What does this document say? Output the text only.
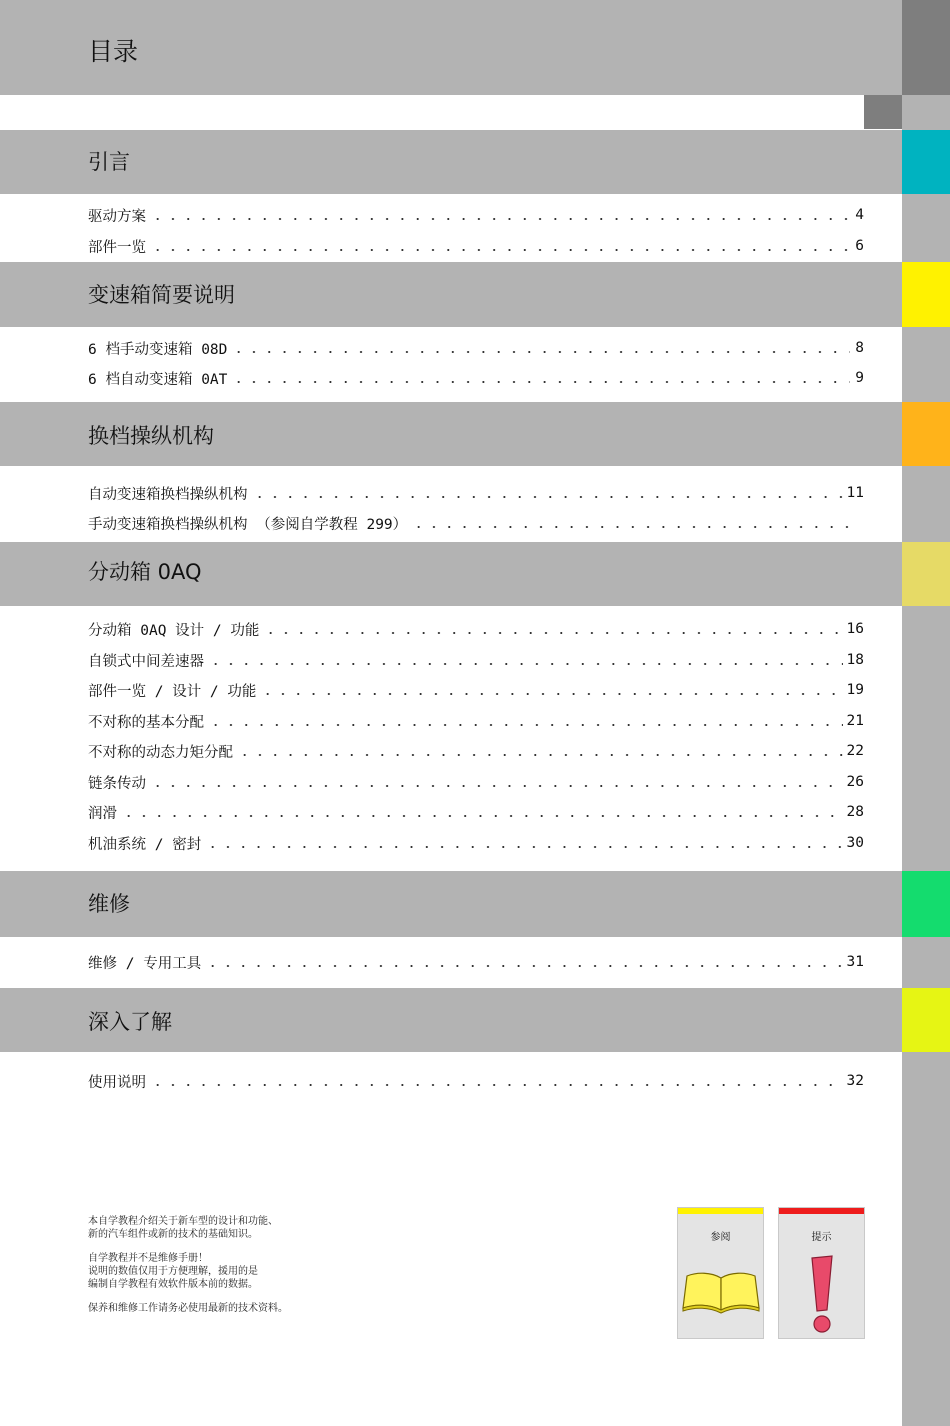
目录
引言
驱动方案	4
部件一览	6
变速箱简要说明
6 档手动变速箱 08D	8
6 档自动变速箱 0AT	9
换档操纵机构
自动变速箱换档操纵机构	11
手动变速箱换档操纵机构 （参阅自学教程 299）
分动箱 0AQ
分动箱 0AQ 设计 / 功能	16
自锁式中间差速器	18
部件一览 / 设计 / 功能	19
不对称的基本分配	21
不对称的动态力矩分配	22
链条传动	26
润滑	28
机油系统 / 密封	30
维修
维修 / 专用工具	31
深入了解
使用说明	32

本自学教程介绍关于新车型的设计和功能、
新的汽车组件或新的技术的基础知识。

自学教程并不是维修手册！
说明的数值仅用于方便理解，援用的是
编制自学教程有效软件版本前的数据。

保养和维修工作请务必使用最新的技术资料。

参阅	提示
